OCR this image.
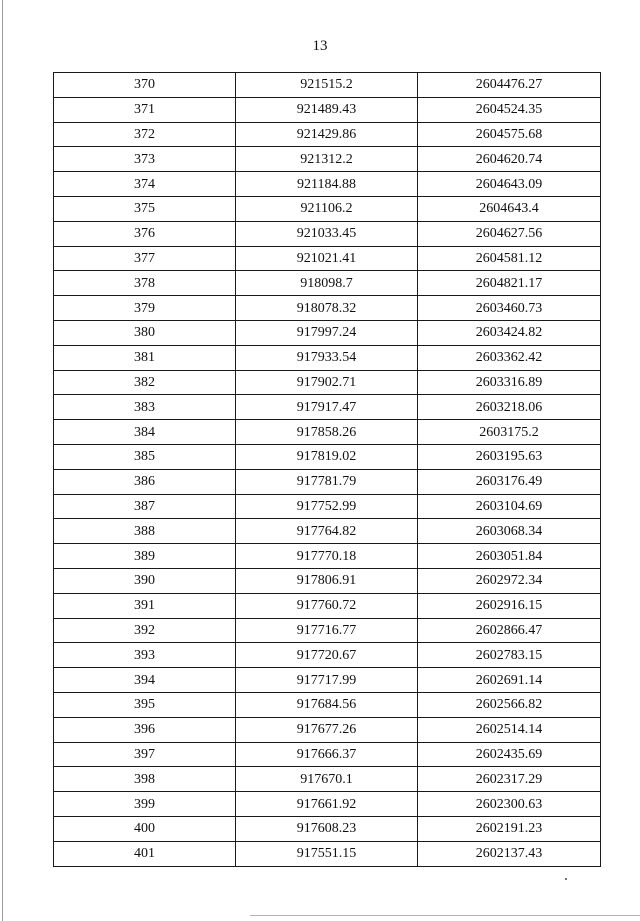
13
370	921515.2	2604476.27
371	921489.43	2604524.35
372	921429.86	2604575.68
373	921312.2	2604620.74
374	921184.88	2604643.09
375	921106.2	2604643.4
376	921033.45	2604627.56
377	921021.41	2604581.12
378	918098.7	2604821.17
379	918078.32	2603460.73
380	917997.24	2603424.82
381	917933.54	2603362.42
382	917902.71	2603316.89
383	917917.47	2603218.06
384	917858.26	2603175.2
385	917819.02	2603195.63
386	917781.79	2603176.49
387	917752.99	2603104.69
388	917764.82	2603068.34
389	917770.18	2603051.84
390	917806.91	2602972.34
391	917760.72	2602916.15
392	917716.77	2602866.47
393	917720.67	2602783.15
394	917717.99	2602691.14
395	917684.56	2602566.82
396	917677.26	2602514.14
397	917666.37	2602435.69
398	917670.1	2602317.29
399	917661.92	2602300.63
400	917608.23	2602191.23
401	917551.15	2602137.43
